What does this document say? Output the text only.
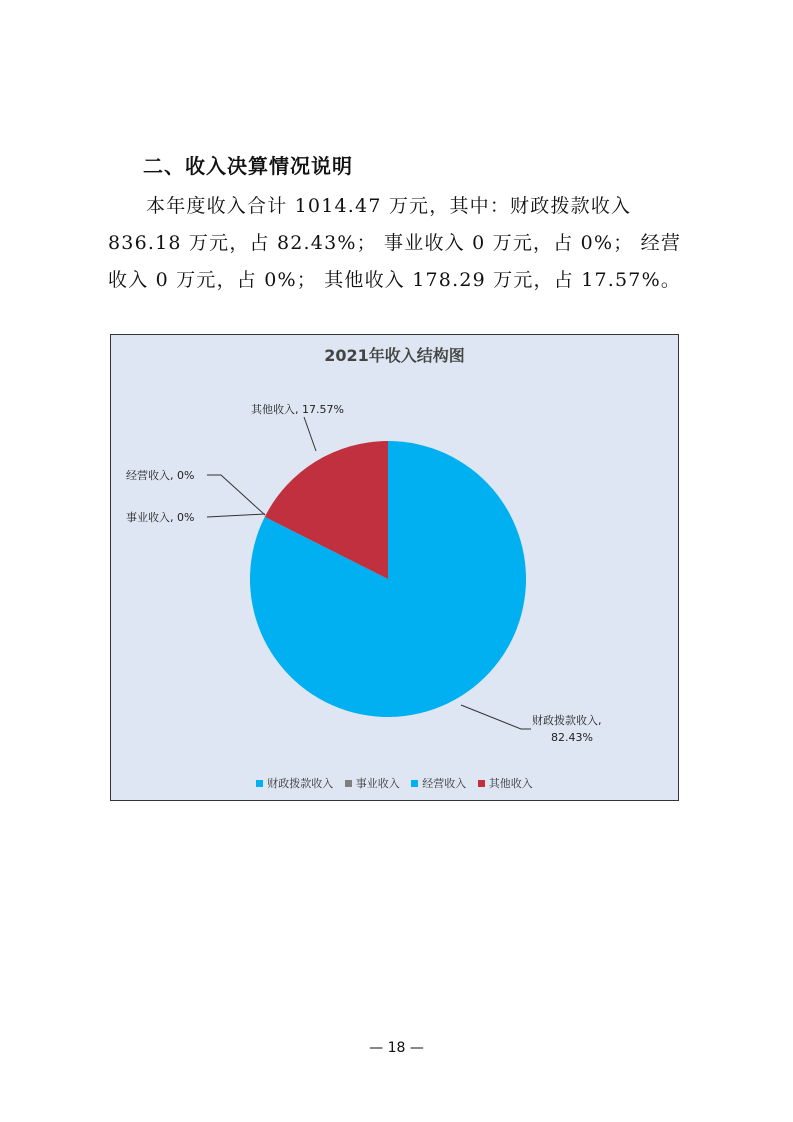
二、收入决算情况说明

本年度收入合计 1014.47 万元，其中：财政拨款收入 836.18 万元，占 82.43%； 事业收入 0 万元，占 0%； 经营收入 0 万元，占 0%； 其他收入 178.29 万元，占 17.57%。

2021年收入结构图
其他收入, 17.57%
经营收入, 0%
事业收入, 0%
财政拨款收入,
82.43%
财政拨款收入
事业收入
经营收入
其他收入
— 18 —
